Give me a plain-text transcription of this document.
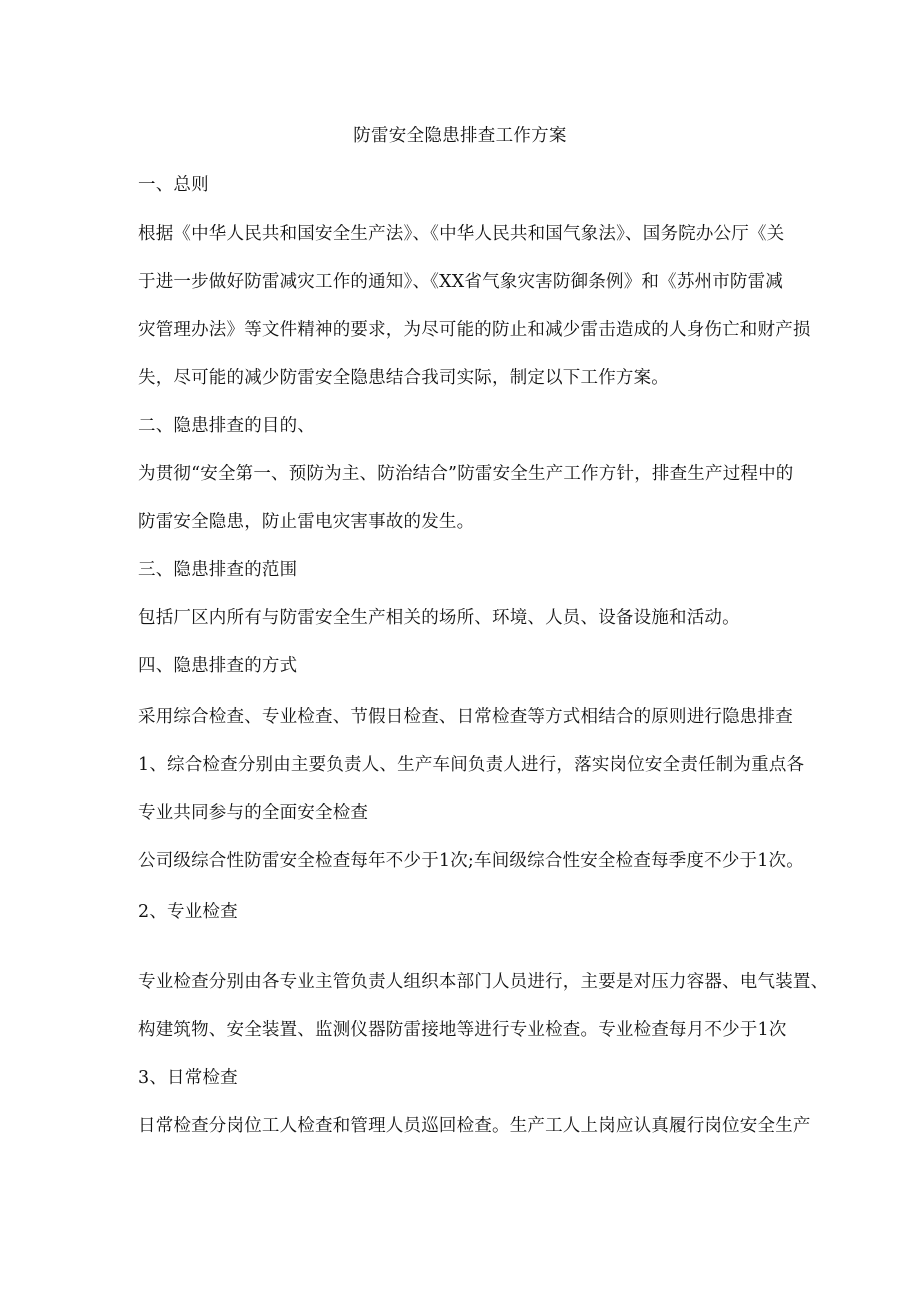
防雷安全隐患排查工作方案
一、总则
根据《中华人民共和国安全生产法》、《中华人民共和国气象法》、国务院办公厅《关
于进一步做好防雷减灾工作的通知》、《XX省气象灾害防御条例》和《苏州市防雷减
灾管理办法》等文件精神的要求，为尽可能的防止和减少雷击造成的人身伤亡和财产损
失，尽可能的减少防雷安全隐患结合我司实际，制定以下工作方案。
二、隐患排查的目的、
为贯彻“安全第一、预防为主、防治结合”防雷安全生产工作方针，排查生产过程中的
防雷安全隐患，防止雷电灾害事故的发生。
三、隐患排查的范围
包括厂区内所有与防雷安全生产相关的场所、环境、人员、设备设施和活动。
四、隐患排查的方式
采用综合检查、专业检查、节假日检查、日常检查等方式相结合的原则进行隐患排查
1、综合检查分别由主要负责人、生产车间负责人进行，落实岗位安全责任制为重点各
专业共同参与的全面安全检查
公司级综合性防雷安全检查每年不少于1次;车间级综合性安全检查每季度不少于1次。
2、专业检查
专业检查分别由各专业主管负责人组织本部门人员进行，主要是对压力容器、电气装置、
构建筑物、安全装置、监测仪器防雷接地等进行专业检查。专业检查每月不少于1次
3、日常检查
日常检查分岗位工人检查和管理人员巡回检查。生产工人上岗应认真履行岗位安全生产
